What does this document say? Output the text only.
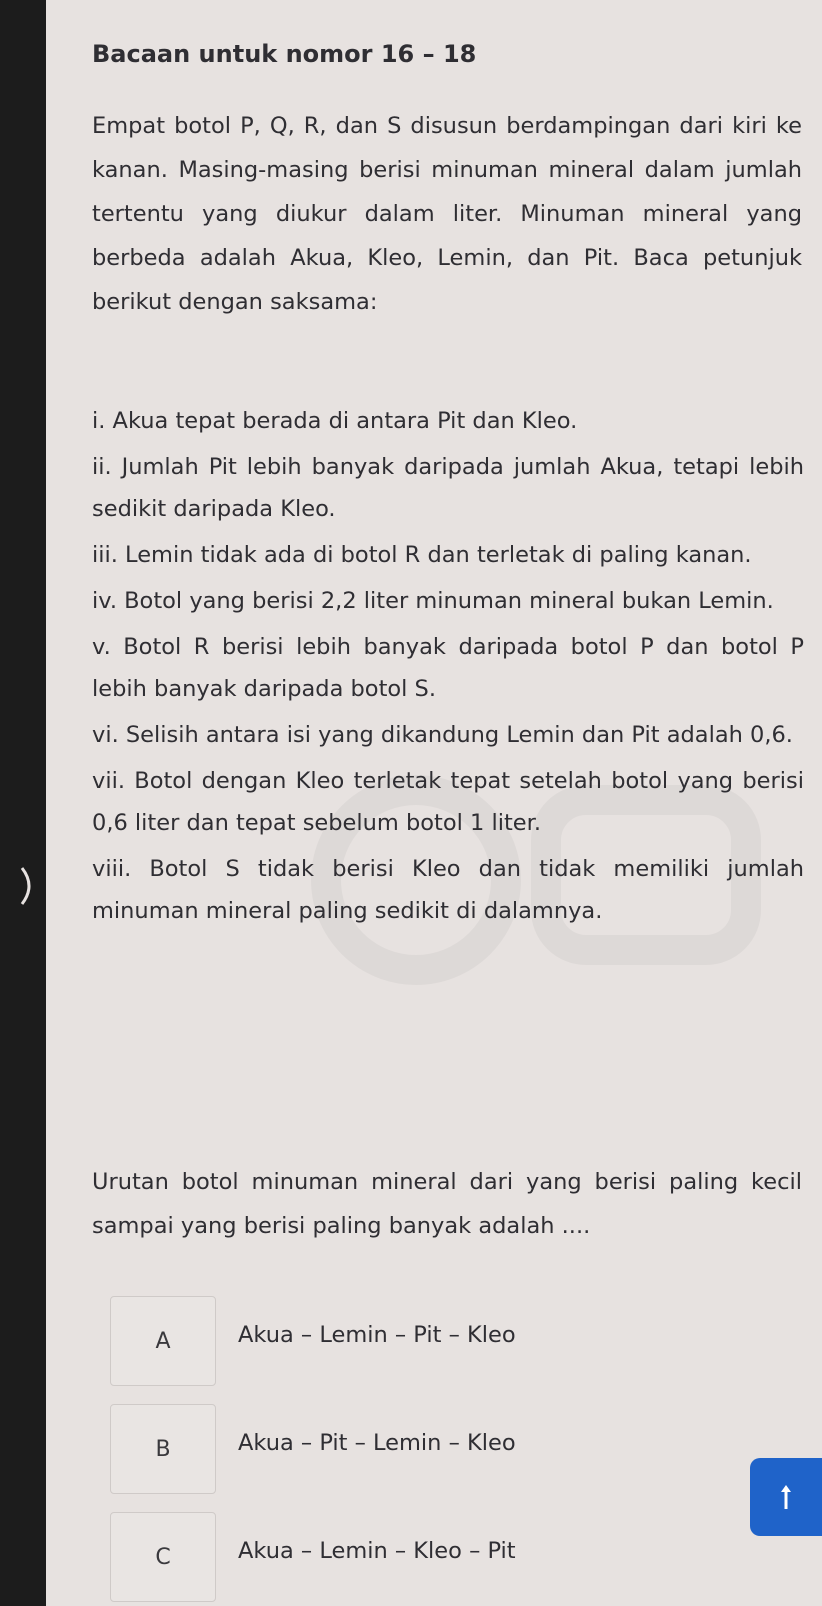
Bacaan untuk nomor 16 – 18
Empat botol P, Q, R, dan S disusun berdampingan dari kiri ke kanan. Masing-masing berisi minuman mineral dalam jumlah tertentu yang diukur dalam liter. Minuman mineral yang berbeda adalah Akua, Kleo, Lemin, dan Pit. Baca petunjuk berikut dengan saksama:

i. Akua tepat berada di antara Pit dan Kleo.

ii. Jumlah Pit lebih banyak daripada jumlah Akua, tetapi lebih sedikit daripada Kleo.

iii. Lemin tidak ada di botol R dan terletak di paling kanan.

iv. Botol yang berisi 2,2 liter minuman mineral bukan Lemin.

v. Botol R berisi lebih banyak daripada botol P dan botol P lebih banyak daripada botol S.

vi. Selisih antara isi yang dikandung Lemin dan Pit adalah 0,6.

vii. Botol dengan Kleo terletak tepat setelah botol yang berisi 0,6 liter dan tepat sebelum botol 1 liter.

viii. Botol S tidak berisi Kleo dan tidak memiliki jumlah minuman mineral paling sedikit di dalamnya.

Urutan botol minuman mineral dari yang berisi paling kecil sampai yang berisi paling banyak adalah ....
A	Akua – Lemin – Pit – Kleo
B	Akua – Pit – Lemin – Kleo
C	Akua – Lemin – Kleo – Pit
